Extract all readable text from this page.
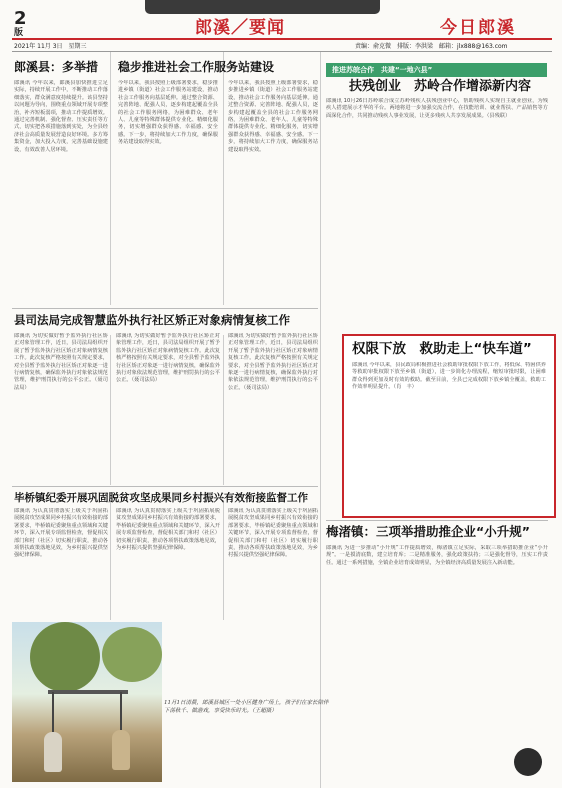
2
版	郎溪／要闻	今日郎溪
2021年 11月 3日　星期三	责编：俞克微　排版：李洪梁　邮箱：jlx888@163.com
郎溪县：多举措
郎溪讯 今年以来，郎溪县加快推进立足实际，持续开展工作中，不断推动工作落细落实，群众满意度持续提升。该县坚持以问题为导向，围绕重点领域开展专项整治，补齐短板弱项，推动工作提质增效。通过完善机制、强化督查、压实责任等方式，切实把各项措施落到实处，为全县经济社会高质量发展营造良好环境。多方筹集资金，加大投入力度，完善基础设施建设，有效改善人居环境。
稳步推进社会工作服务站建设
今年以来，我县按照上级部署要求，稳步推进乡镇（街道）社会工作服务站建设，推动社会工作服务向基层延伸。通过整合资源、完善阵地、配强人员，逐步构建起覆盖全县的社会工作服务网络，为困难群众、老年人、儿童等特殊群体提供专业化、精细化服务，切实增强群众获得感、幸福感、安全感。下一步，将持续加大工作力度，确保服务站建设取得实效。
今年以来，我县按照上级部署要求，稳步推进乡镇（街道）社会工作服务站建设，推动社会工作服务向基层延伸。通过整合资源、完善阵地、配强人员，逐步构建起覆盖全县的社会工作服务网络，为困难群众、老年人、儿童等特殊群体提供专业化、精细化服务，切实增强群众获得感、幸福感、安全感。下一步，将持续加大工作力度，确保服务站建设取得实效。
县司法局完成智慧监外执行社区矫正对象病情复核工作
郎溪讯 为切实做好暂予监外执行社区矫正对象管理工作，近日，县司法局组织开展了暂予监外执行社区矫正对象病情复核工作。此次复核严格按照有关规定要求，对全县暂予监外执行社区矫正对象逐一进行病情复核，确保监外执行对象依法规范管理，维护刑罚执行的公平公正。（聂司法局）
郎溪讯 为切实做好暂予监外执行社区矫正对象管理工作，近日，县司法局组织开展了暂予监外执行社区矫正对象病情复核工作。此次复核严格按照有关规定要求，对全县暂予监外执行社区矫正对象逐一进行病情复核，确保监外执行对象依法规范管理，维护刑罚执行的公平公正。（聂司法局）
郎溪讯 为切实做好暂予监外执行社区矫正对象管理工作，近日，县司法局组织开展了暂予监外执行社区矫正对象病情复核工作。此次复核严格按照有关规定要求，对全县暂予监外执行社区矫正对象逐一进行病情复核，确保监外执行对象依法规范管理，维护刑罚执行的公平公正。（聂司法局）
毕桥镇纪委开展巩固脱贫攻坚成果同乡村振兴有效衔接监督工作
郎溪讯 为认真贯彻落实上级关于巩固拓展脱贫攻坚成果同乡村振兴有效衔接的部署要求，毕桥镇纪委聚焦重点领域和关键环节，深入开展专项监督检查，督促相关部门和村（社区）切实履行职责，推动各项帮扶政策落地见效，为乡村振兴提供坚强纪律保障。
郎溪讯 为认真贯彻落实上级关于巩固拓展脱贫攻坚成果同乡村振兴有效衔接的部署要求，毕桥镇纪委聚焦重点领域和关键环节，深入开展专项监督检查，督促相关部门和村（社区）切实履行职责，推动各项帮扶政策落地见效，为乡村振兴提供坚强纪律保障。
郎溪讯 为认真贯彻落实上级关于巩固拓展脱贫攻坚成果同乡村振兴有效衔接的部署要求，毕桥镇纪委聚焦重点领域和关键环节，深入开展专项监督检查，督促相关部门和村（社区）切实履行职责，推动各项帮扶政策落地见效，为乡村振兴提供坚强纪律保障。
11月1日清晨，郎溪县城区一处小区健身广场上，孩子们在家长陪伴下荡秋千、做游戏，享受快乐时光。（王超摄）
推进苏皖合作　共建“一地六县”
扶残创业　苏岭合作增添新内容
郎溪讯 10月26日苏岭联合成立苏岭残疾人扶残创业中心，帮助残疾人实现自主就业创业，为残疾人搭建展示才华的平台。两地将进一步加强交流合作，在技能培训、就业帮扶、产品销售等方面深化合作，共同推动残疾人事业发展，让更多残疾人共享发展成果。（县残联）
权限下放　救助走上“快车道”
郎溪讯 今年以来，县民政局积极推进社会救助审批权限下放工作，将低保、特困供养等救助审批权限下放至乡镇（街道），进一步简化办理流程，缩短审批时限，让困难群众得到更加及时有效的救助。截至目前，全县已完成权限下放乡镇全覆盖，救助工作效率明显提升。（肖　丰）
梅渚镇：三项举措助推企业“小升规”
郎溪讯 为进一步推动“小升规”工作提质增效，梅渚镇立足实际，采取三项举措助推企业“小升规”。一是摸清底数，建立培育库；二是精准服务，强化政策扶持；三是强化督导，压实工作责任。通过一系列措施，全镇企业培育成效明显，为全镇经济高质量发展注入新动能。
